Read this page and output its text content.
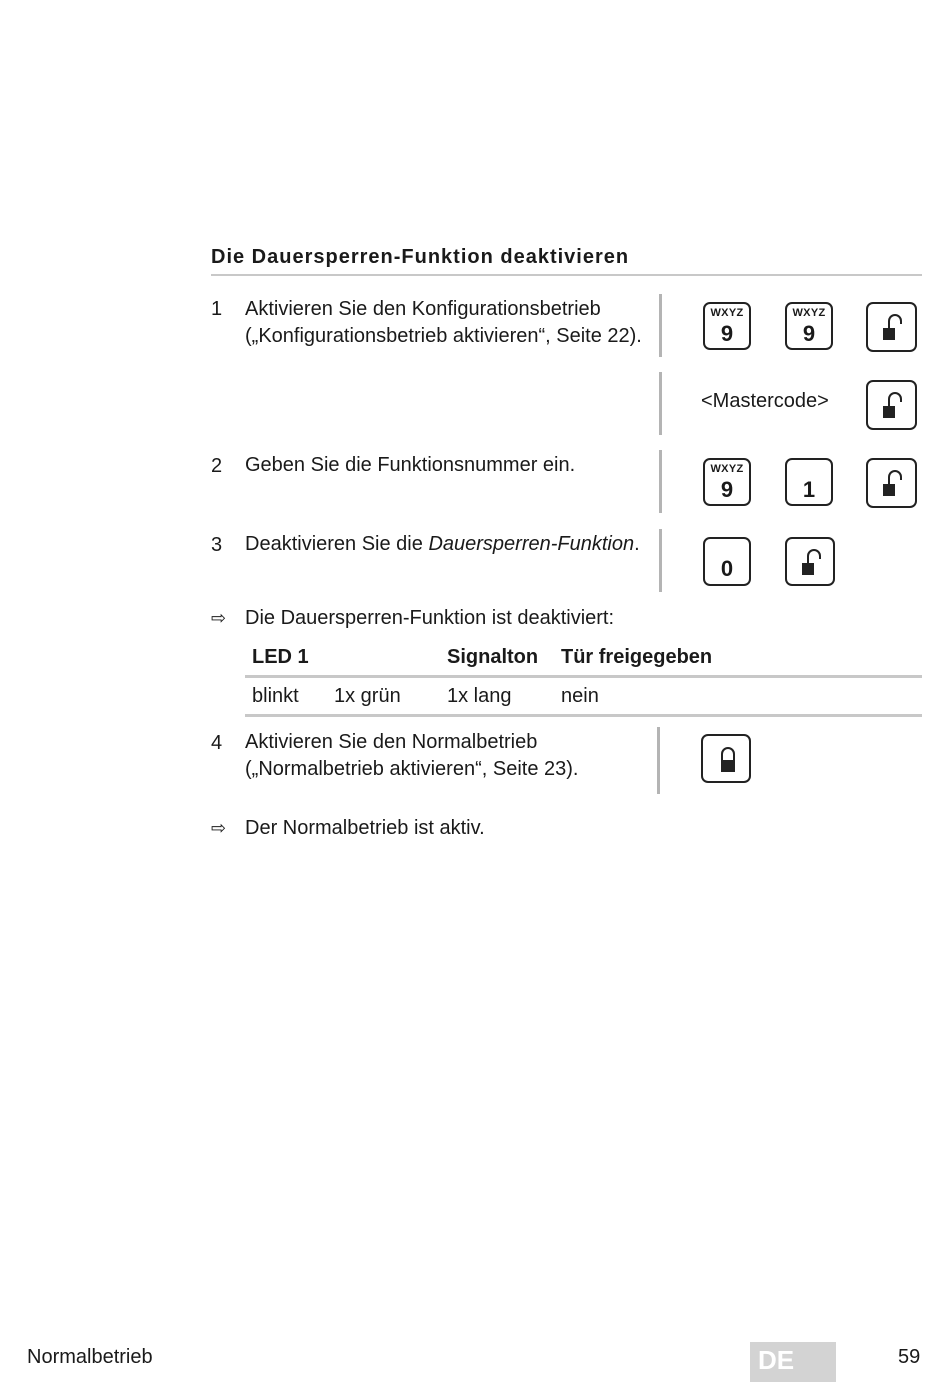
Die Dauersperren-Funktion deaktivieren
1 Aktivieren Sie den Konfigurationsbetrieb
(„Konfigurationsbetrieb aktivieren“, Seite 22).
WXYZ
9
WXYZ
9
<Mastercode>
2 Geben Sie die Funktionsnummer ein.	WXYZ
9	1
3 Deaktivieren Sie die Dauersperren-Funktion.
0
⇨ Die Dauersperren-Funktion ist deaktiviert:
LED 1		Signalton	Tür freigegeben
blinkt	1x grün	1x lang	nein
4 Aktivieren Sie den Normalbetrieb
(„Normalbetrieb aktivieren“, Seite 23).
⇨ Der Normalbetrieb ist aktiv.
Normalbetrieb	DE	59
